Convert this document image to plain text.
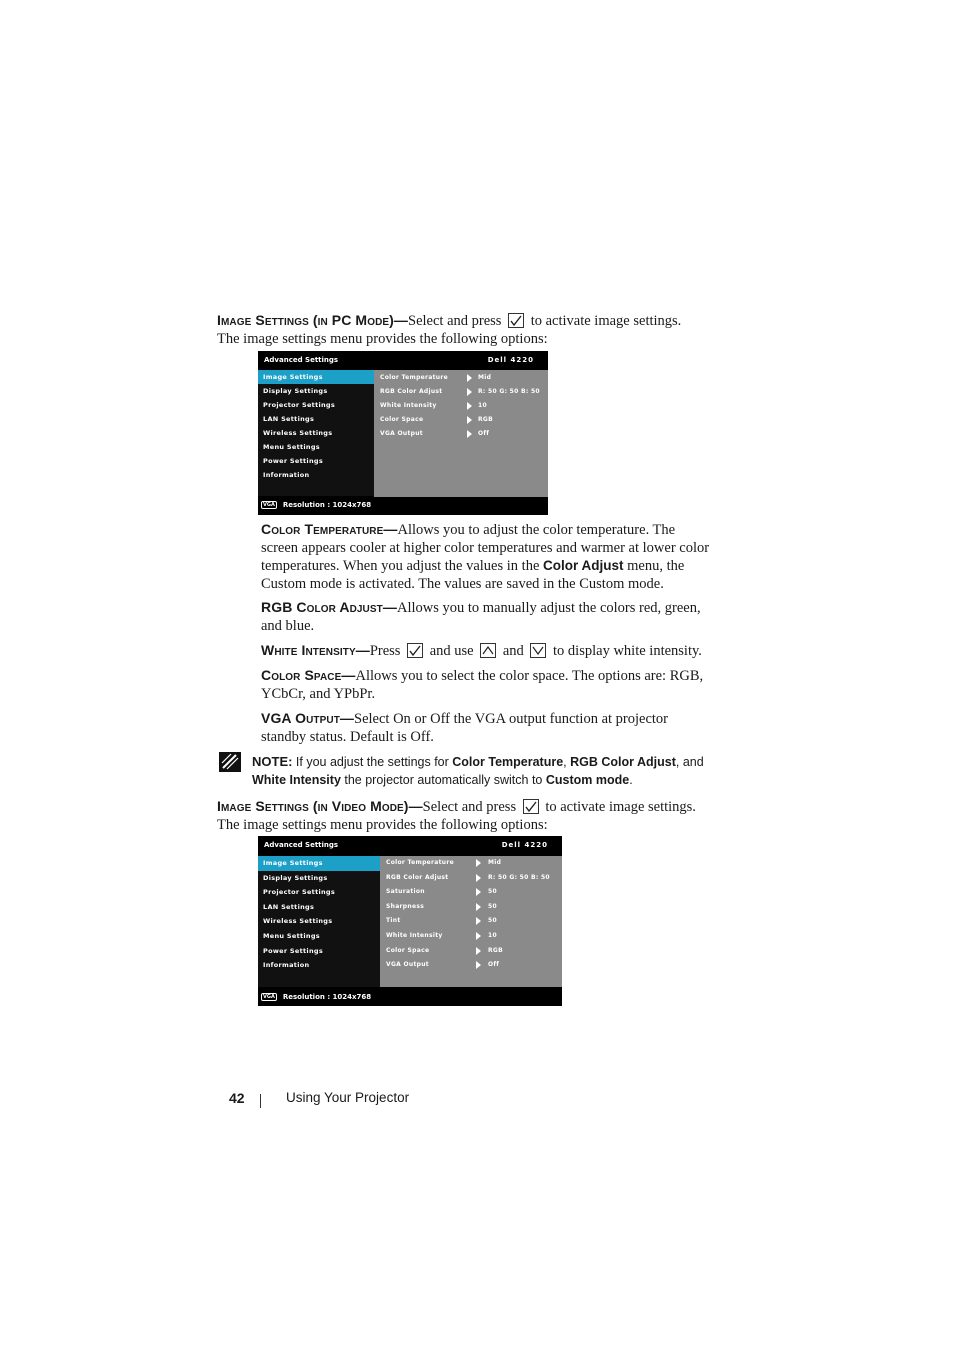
Image Settings (in PC Mode)—Select and press to activate image settings.
The image settings menu provides the following options:
Advanced Settings	Dell 4220
Image Settings
Display Settings
Projector Settings
LAN Settings
Wireless Settings
Menu Settings
Power Settings
Information
Color Temperature	Mid
RGB Color Adjust	R: 50 G: 50 B: 50
White Intensity	10
Color Space	RGB
VGA Output	Off
VGA Resolution : 1024x768
Color Temperature—Allows you to adjust the color temperature. The screen appears cooler at higher color temperatures and warmer at lower color temperatures. When you adjust the values in the Color Adjust menu, the Custom mode is activated. The values are saved in the Custom mode.
RGB Color Adjust—Allows you to manually adjust the colors red, green, and blue.
White Intensity—Press and use and to display white intensity.
Color Space—Allows you to select the color space. The options are: RGB, YCbCr, and YPbPr.
VGA Output—Select On or Off the VGA output function at projector standby status. Default is Off.
NOTE: If you adjust the settings for Color Temperature, RGB Color Adjust, and White Intensity the projector automatically switch to Custom mode.
Image Settings (in Video Mode)—Select and press to activate image settings.
The image settings menu provides the following options:
Advanced Settings	Dell 4220
Image Settings
Display Settings
Projector Settings
LAN Settings
Wireless Settings
Menu Settings
Power Settings
Information
Color Temperature	Mid
RGB Color Adjust	R: 50 G: 50 B: 50
Saturation	50
Sharpness	50
Tint	50
White Intensity	10
Color Space	RGB
VGA Output	Off
VGA Resolution : 1024x768
42	Using Your Projector
